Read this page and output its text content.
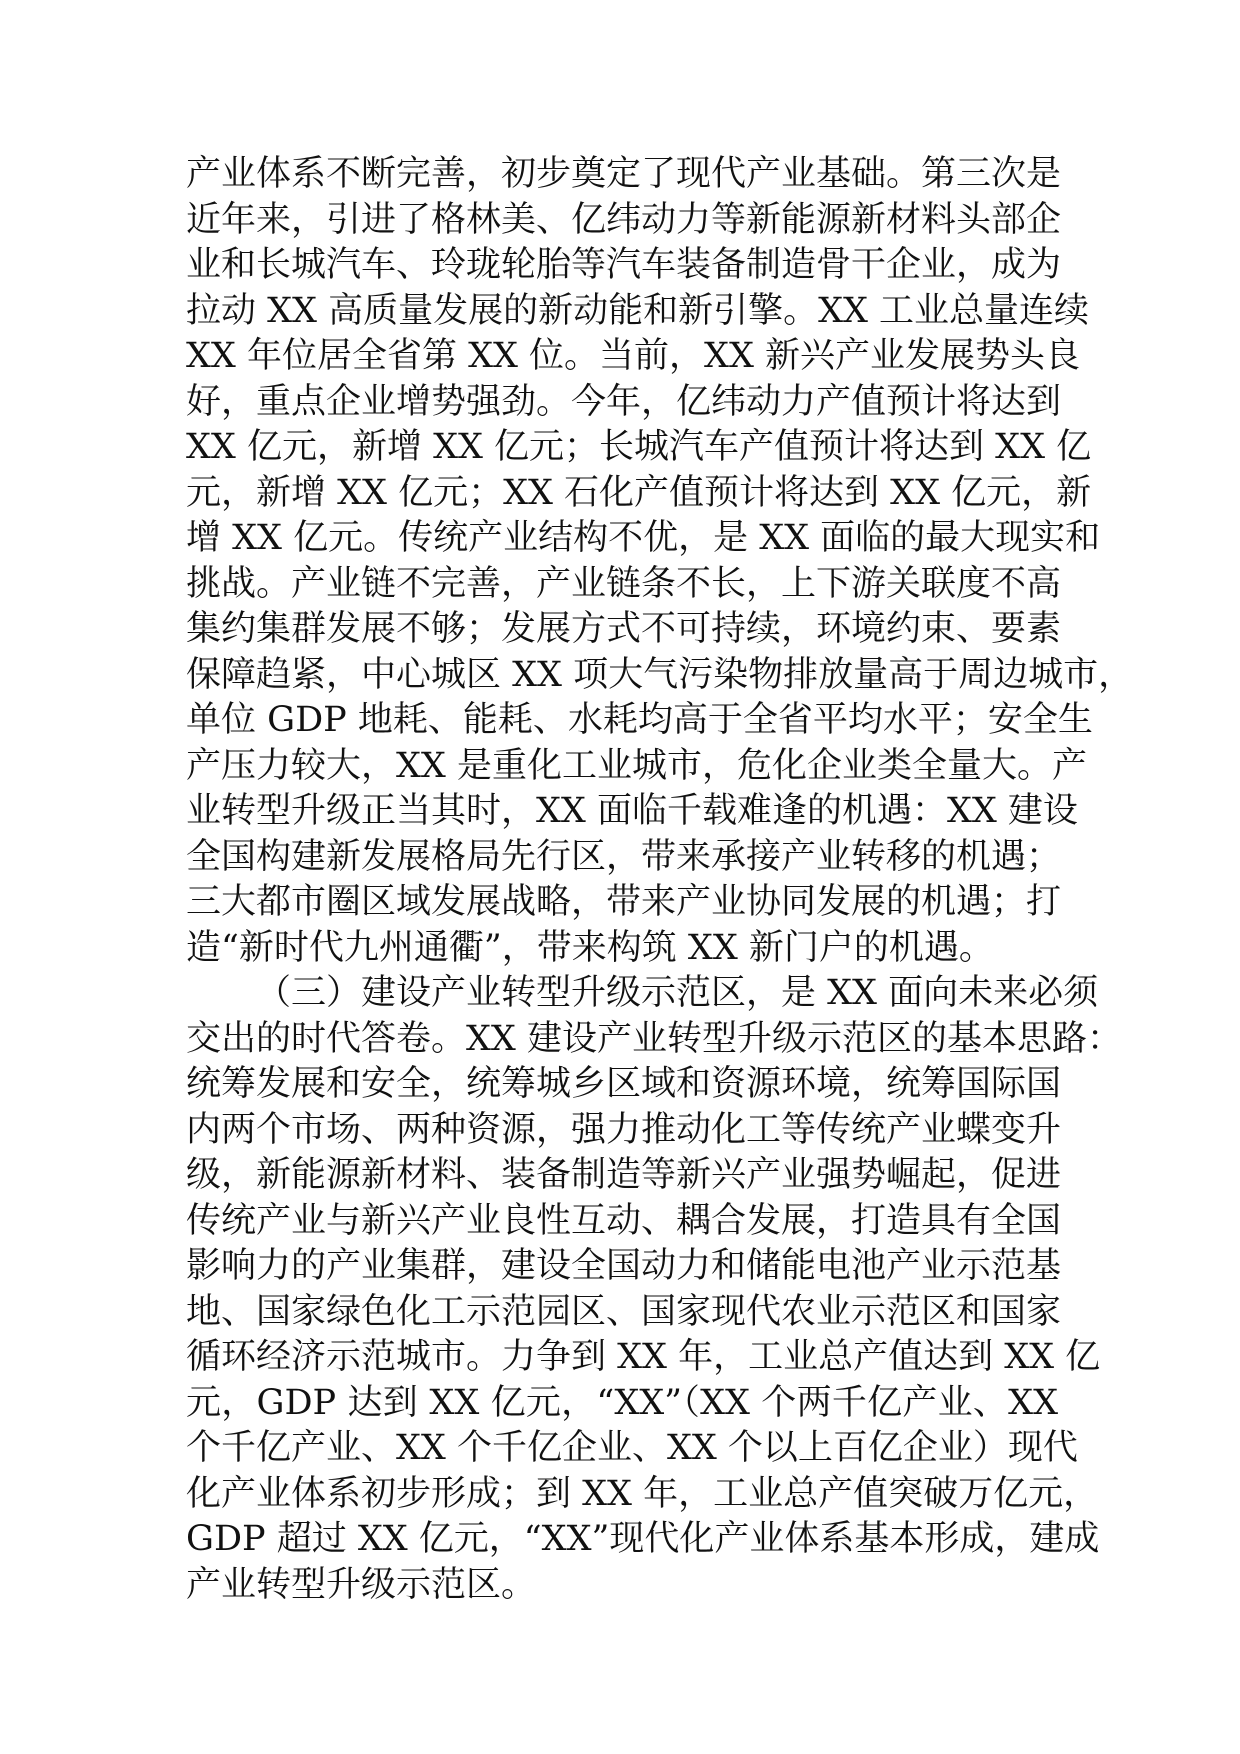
产业体系不断完善，初步奠定了现代产业基础。第三次是
近年来，引进了格林美、亿纬动力等新能源新材料头部企
业和长城汽车、玲珑轮胎等汽车装备制造骨干企业，成为
拉动 XX 高质量发展的新动能和新引擎。XX 工业总量连续
XX 年位居全省第 XX 位。当前，XX 新兴产业发展势头良
好，重点企业增势强劲。今年，亿纬动力产值预计将达到
XX 亿元，新增 XX 亿元；长城汽车产值预计将达到 XX 亿
元，新增 XX 亿元；XX 石化产值预计将达到 XX 亿元，新
增 XX 亿元。传统产业结构不优，是 XX 面临的最大现实和
挑战。产业链不完善，产业链条不长，上下游关联度不高
集约集群发展不够；发展方式不可持续，环境约束、要素
保障趋紧，中心城区 XX 项大气污染物排放量高于周边城市，
单位 GDP 地耗、能耗、水耗均高于全省平均水平；安全生
产压力较大，XX 是重化工业城市，危化企业类全量大。产
业转型升级正当其时，XX 面临千载难逢的机遇：XX 建设
全国构建新发展格局先行区，带来承接产业转移的机遇；
三大都市圈区域发展战略，带来产业协同发展的机遇；打
造“新时代九州通衢”，带来构筑 XX 新门户的机遇。
（三）建设产业转型升级示范区，是 XX 面向未来必须
交出的时代答卷。XX 建设产业转型升级示范区的基本思路：
统筹发展和安全，统筹城乡区域和资源环境，统筹国际国
内两个市场、两种资源，强力推动化工等传统产业蝶变升
级，新能源新材料、装备制造等新兴产业强势崛起，促进
传统产业与新兴产业良性互动、耦合发展，打造具有全国
影响力的产业集群，建设全国动力和储能电池产业示范基
地、国家绿色化工示范园区、国家现代农业示范区和国家
循环经济示范城市。力争到 XX 年，工业总产值达到 XX 亿
元，GDP 达到 XX 亿元，“XX”（XX 个两千亿产业、XX
个千亿产业、XX 个千亿企业、XX 个以上百亿企业）现代
化产业体系初步形成；到 XX 年，工业总产值突破万亿元，
GDP 超过 XX 亿元，“XX”现代化产业体系基本形成，建成
产业转型升级示范区。
